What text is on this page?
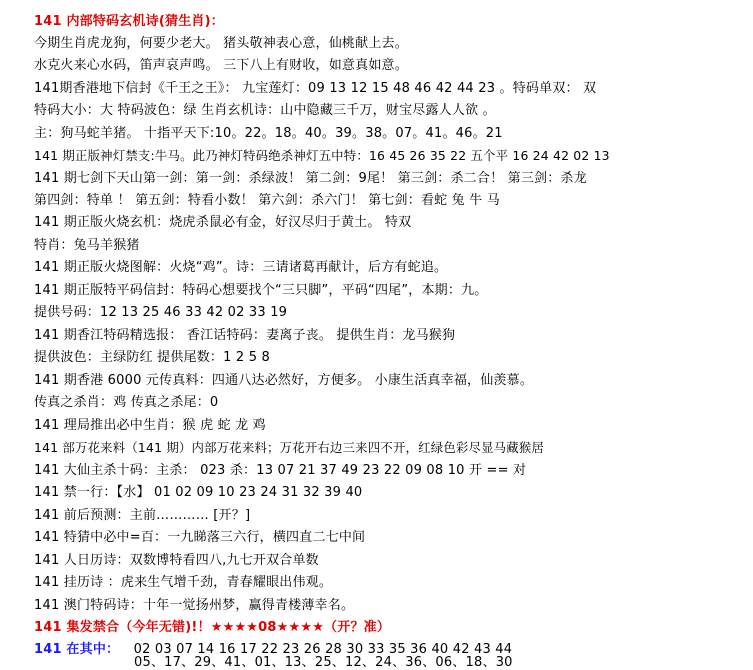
141 内部特码玄机诗(猜生肖)：
今期生肖虎龙狗，何要少老大。 猪头敬神表心意，仙桃献上去。
水克火来心水码，笛声哀声鸣。 三下八上有财收，如意真如意。
141期香港地下信封《千王之王》： 九宝莲灯：09 13 12 15 48 46 42 44 23 。特码单双： 双
特码大小：大 特码波色：绿 生肖玄机诗：山中隐藏三千万，财宝尽露人人欲 。
主：狗马蛇羊猪。 十指平天下:10。22。18。40。39。38。07。41。46。21
141 期正版神灯禁支:牛马。此乃神灯特码绝杀神灯五中特：16 45 26 35 22 五个平 16 24 42 02 13
141 期七剑下天山第一剑：第一剑：杀绿波！ 第二剑：9尾！ 第三剑：杀二合！ 第三剑：杀龙
第四剑：特单 ！ 第五剑：特看小数！ 第六剑：杀六门！ 第七剑：看蛇 兔 牛 马
141 期正版火烧玄机：烧虎杀鼠必有金，好汉尽归于黄土。 特双
特肖：兔马羊猴猪
141 期正版火烧图解：火烧“鸡”。诗：三请诸葛再献计，后方有蛇追。
141 期正版特平码信封：特码心想要找个“三只脚”，平码“四尾”，本期：九。
提供号码：12 13 25 46 33 42 02 33 19
141 期香江特码精选报： 香江话特码：妻离子丧。 提供生肖：龙马猴狗
提供波色：主绿防红 提供尾数：1 2 5 8
141 期香港 6000 元传真料：四通八达必然好，方便多。 小康生活真幸福，仙羡慕。
传真之杀肖：鸡 传真之杀尾：0
141 理局推出必中生肖：猴 虎 蛇 龙 鸡
141 部万花来料（141 期）内部万花来料；万花开右边三来四不开，红绿色彩尽显马藏猴居
141 大仙主杀十码：主杀： 023 杀：13 07 21 37 49 23 22 09 08 10 开 == 对
141 禁一行：【水】 01 02 09 10 23 24 31 32 39 40
141 前后预测：主前………… [开？]
141 特猜中必中=百：一九睇落三六行，横四直二七中间
141 人日历诗：双数博特看四八,九七开双合单数
141 挂历诗 ：虎来生气增千劲，青春耀眼出伟观。
141 澳门特码诗：十年一觉扬州梦，赢得青楼薄幸名。
141 集发禁合（今年无错)!！★★★★08★★★★（开？准）
141 在其中： 02 03 07 14 16 17 22 23 26 28 30 33 35 36 40 42 43 44
05、17、29、41、01、13、25、12、24、36、06、18、30
